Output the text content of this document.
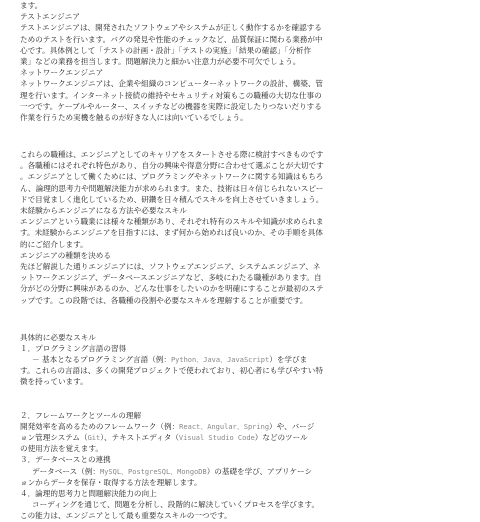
ます。
テストエンジニア
テストエンジニアは、開発されたソフトウェアやシステムが正しく動作するかを確認する
ためのテストを行います。バグの発見や性能のチェックなど、品質保証に関わる業務が中
心です。具体例として「テストの計画・設計」「テストの実施」「結果の確認」「分析作
業」などの業務を担当します。問題解決力と細かい注意力が必要不可欠でしょう。
ネットワークエンジニア
ネットワークエンジニアは、企業や組織のコンピューターネットワークの設計、構築、管
理を行います。インターネット接続の維持やセキュリティ対策もこの職種の大切な仕事の
一つです。ケーブルやルーター、スイッチなどの機器を実際に設定したりつないだりする
作業を行うため実機を触るのが好きな人には向いているでしょう。
これらの職種は、エンジニアとしてのキャリアをスタートさせる際に検討すべきものです
。各職種にはそれぞれ特色があり、自分の興味や得意分野に合わせて選ぶことが大切です
。エンジニアとして働くためには、プログラミングやネットワークに関する知識はもちろ
ん、論理的思考力や問題解決能力が求められます。また、技術は日々信じられないスピー
ドで目覚ましく進化しているため、研鑽を日々積んでスキルを向上させていきましょう。
未経験からエンジニアになる方法や必要なスキル
エンジニアという職業には様々な種類があり、それぞれ特有のスキルや知識が求められま
す。未経験からエンジニアを目指すには、まず何から始めれば良いのか、その手順を具体
的にご紹介します。
エンジニアの種類を決める
先ほど解説した通りエンジニアには、ソフトウェアエンジニア、システムエンジニア、ネ
ットワークエンジニア、データベースエンジニアなど、多岐にわたる職種があります。自
分がどの分野に興味があるのか、どんな仕事をしたいのかを明確にすることが最初のステ
ップです。この段階では、各職種の役割や必要なスキルを理解することが重要です。
具体的に必要なスキル
１．プログラミング言語の習得
－ 基本となるプログラミング言語（例：Python、Java、JavaScript）を学びま
す。これらの言語は、多くの開発プロジェクトで使われており、初心者にも学びやすい特
徴を持っています。
２．フレームワークとツールの理解
開発効率を高めるためのフレームワーク（例：React、Angular、Spring）や、バージ
ョン管理システム（Git）、テキストエディタ（Visual Studio Code）などのツール
の使用方法を覚えます。
３．データベースとの連携
データベース（例：MySQL、PostgreSQL、MongoDB）の基礎を学び、アプリケーシ
ョンからデータを保存・取得する方法を理解します。
４．論理的思考力と問題解決能力の向上
コーディングを通じて、問題を分析し、段階的に解決していくプロセスを学びます。
この能力は、エンジニアとして最も重要なスキルの一つです。
